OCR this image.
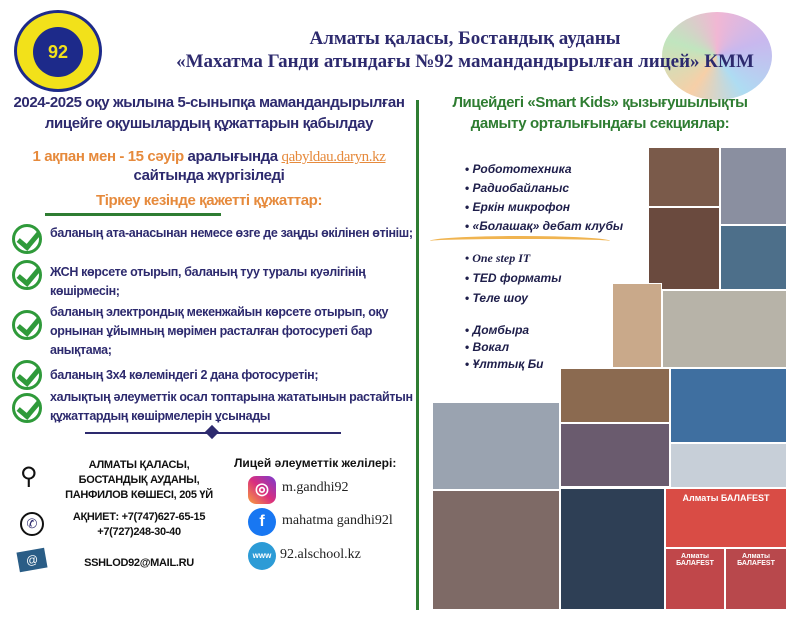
92
Алматы қаласы, Бостандық ауданы
«Махатма Ганди атындағы №92 мамандандырылған лицей» КММ
2024-2025 оқу жылына 5-сыныпқа мамандандырылған
лицейге оқушылардың құжаттарын қабылдау
1 ақпан мен - 15 сәуір аралығында qabyldau.daryn.kz
сайтында жүргізіледі
Тіркеу кезінде қажетті құжаттар:
баланың ата-анасынан немесе өзге де заңды өкілінен өтініш;
ЖСН көрсете отырып, баланың туу туралы куәлігінің көшірмесін;
баланың электрондық мекенжайын көрсете отырып, оқу орнынан ұйымның мөрімен расталған фотосуреті бар анықтама;
баланың 3х4 көлеміндегі 2 дана фотосуретін;
халықтың әлеуметтік осал топтарына жататынын растайтын құжаттардың көшірмелерін ұсынады
⚲	АЛМАТЫ ҚАЛАСЫ,
БОСТАНДЫҚ АУДАНЫ,
ПАНФИЛОВ КӨШЕСІ, 205 ҮЙ
✆	АҚНИЕТ: +7(747)627-65-15
+7(727)248-30-40
@	SSHLOD92@MAIL.RU
Лицей әлеуметтік желілері:
◎ m.gandhi92
f	mahatma gandhi92l
www 92.alschool.kz
Лицейдегі «Smart Kids» қызығушылықты
дамыту орталығындағы секциялар:
• Робототехника
• Радиобайланыс
• Еркін микрофон
• «Болашақ» дебат клубы
• One step IT
• TED форматы
• Теле шоу
• Домбыра
• Вокал
• Ұлттық Би
Алматы БАЛАFEST
Алматы БАЛАFEST
Алматы БАЛАFEST
